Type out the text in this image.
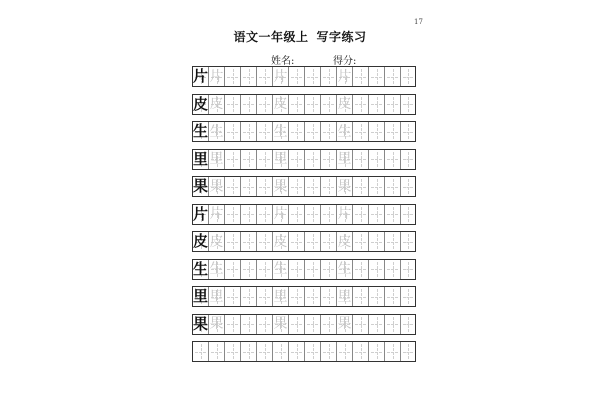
17
语文一年级上 写字练习
姓名:	得分:
片 片	片	片
皮 皮	皮	皮
生 生	生	生
里 里	里	里
果 果	果	果
片 片	片	片
皮 皮	皮	皮
生 生	生	生
里 里	里	里
果 果	果	果
